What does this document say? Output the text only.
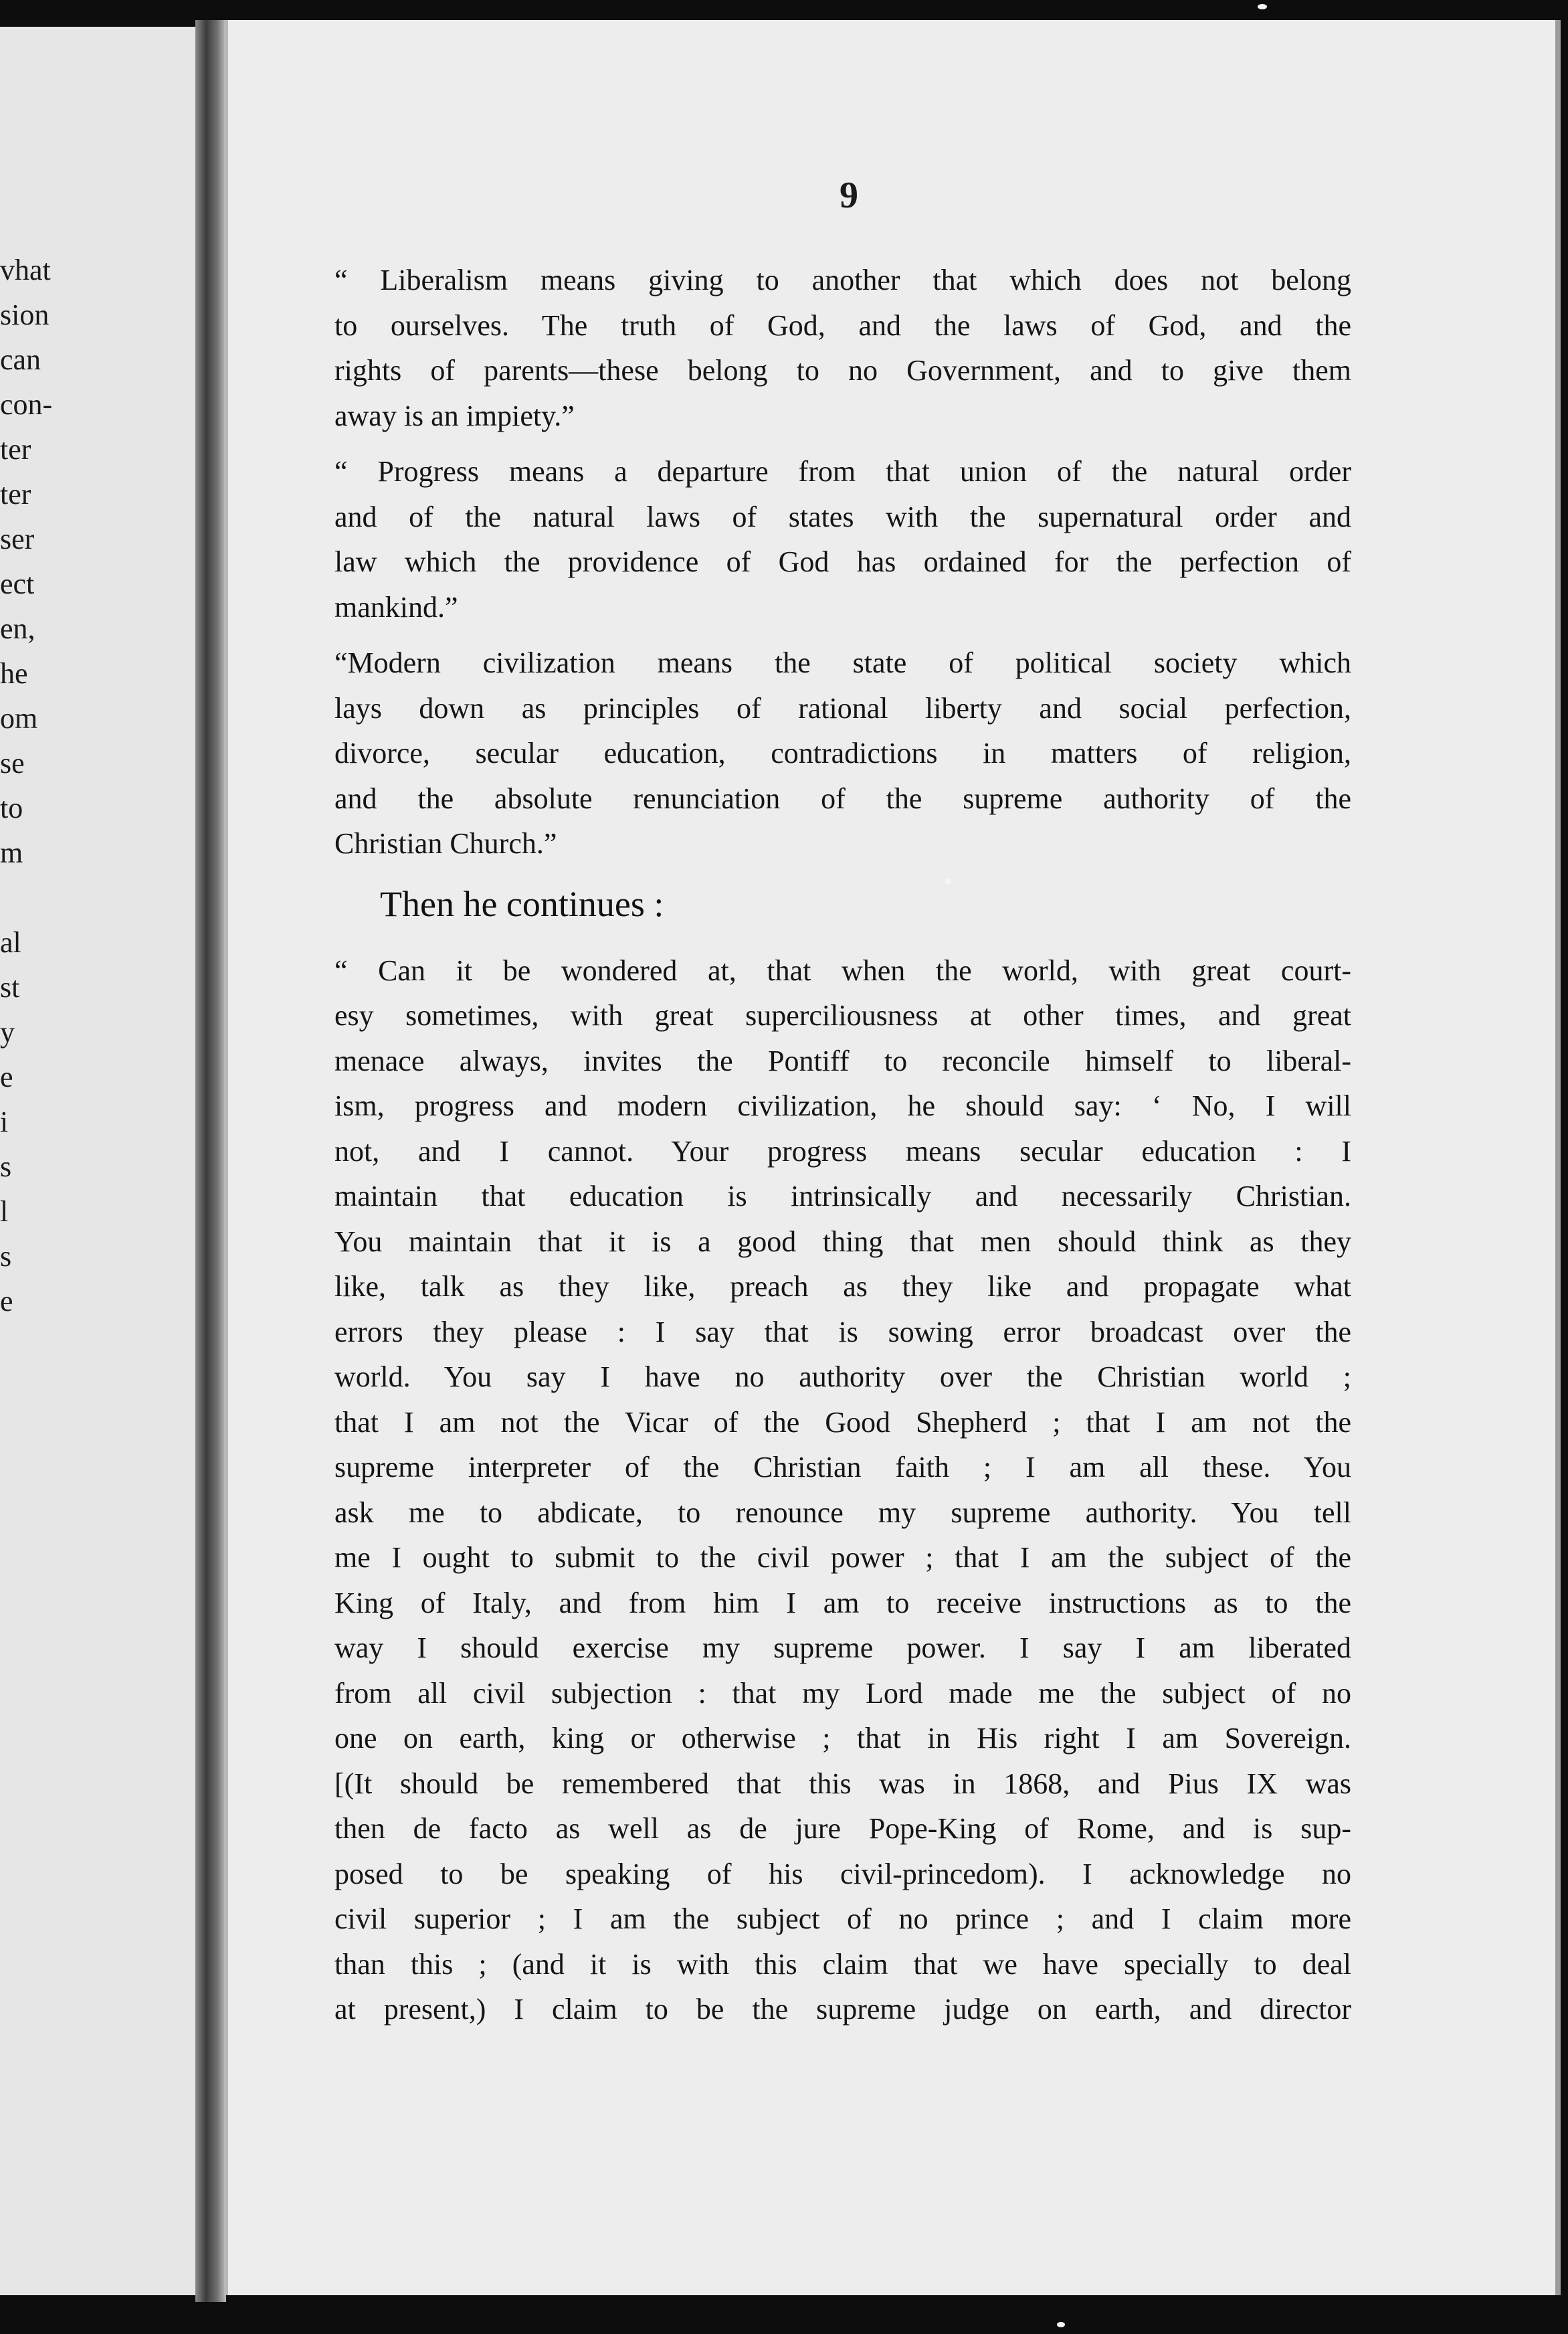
vhat
sion
can
con-
ter
ter
ser
ect
en,
he
om
se
to
m
al
st
y
e
i
s
l
s
e
9
“ Liberalism means giving to another that which does not belong
to ourselves. The truth of God, and the laws of God, and the
rights of parents—these belong to no Government, and to give them
away is an impiety.”
“ Progress means a departure from that union of the natural order
and of the natural laws of states with the supernatural order and
law which the providence of God has ordained for the perfection of
mankind.”
“Modern civilization means the state of political society which
lays down as principles of rational liberty and social perfection,
divorce, secular education, contradictions in matters of religion,
and the absolute renunciation of the supreme authority of the
Christian Church.”
Then he continues :
“ Can it be wondered at, that when the world, with great court-
esy sometimes, with great superciliousness at other times, and great
menace always, invites the Pontiff to reconcile himself to liberal-
ism, progress and modern civilization, he should say: ‘ No, I will
not, and I cannot. Your progress means secular education : I
maintain that education is intrinsically and necessarily Christian.
You maintain that it is a good thing that men should think as they
like, talk as they like, preach as they like and propagate what
errors they please : I say that is sowing error broadcast over the
world. You say I have no authority over the Christian world ;
that I am not the Vicar of the Good Shepherd ; that I am not the
supreme interpreter of the Christian faith ; I am all these. You
ask me to abdicate, to renounce my supreme authority. You tell
me I ought to submit to the civil power ; that I am the subject of the
King of Italy, and from him I am to receive instructions as to the
way I should exercise my supreme power. I say I am liberated
from all civil subjection : that my Lord made me the subject of no
one on earth, king or otherwise ; that in His right I am Sovereign.
[(It should be remembered that this was in 1868, and Pius IX was
then de facto as well as de jure Pope-King of Rome, and is sup-
posed to be speaking of his civil-princedom). I acknowledge no
civil superior ; I am the subject of no prince ; and I claim more
than this ; (and it is with this claim that we have specially to deal
at present,) I claim to be the supreme judge on earth, and director
